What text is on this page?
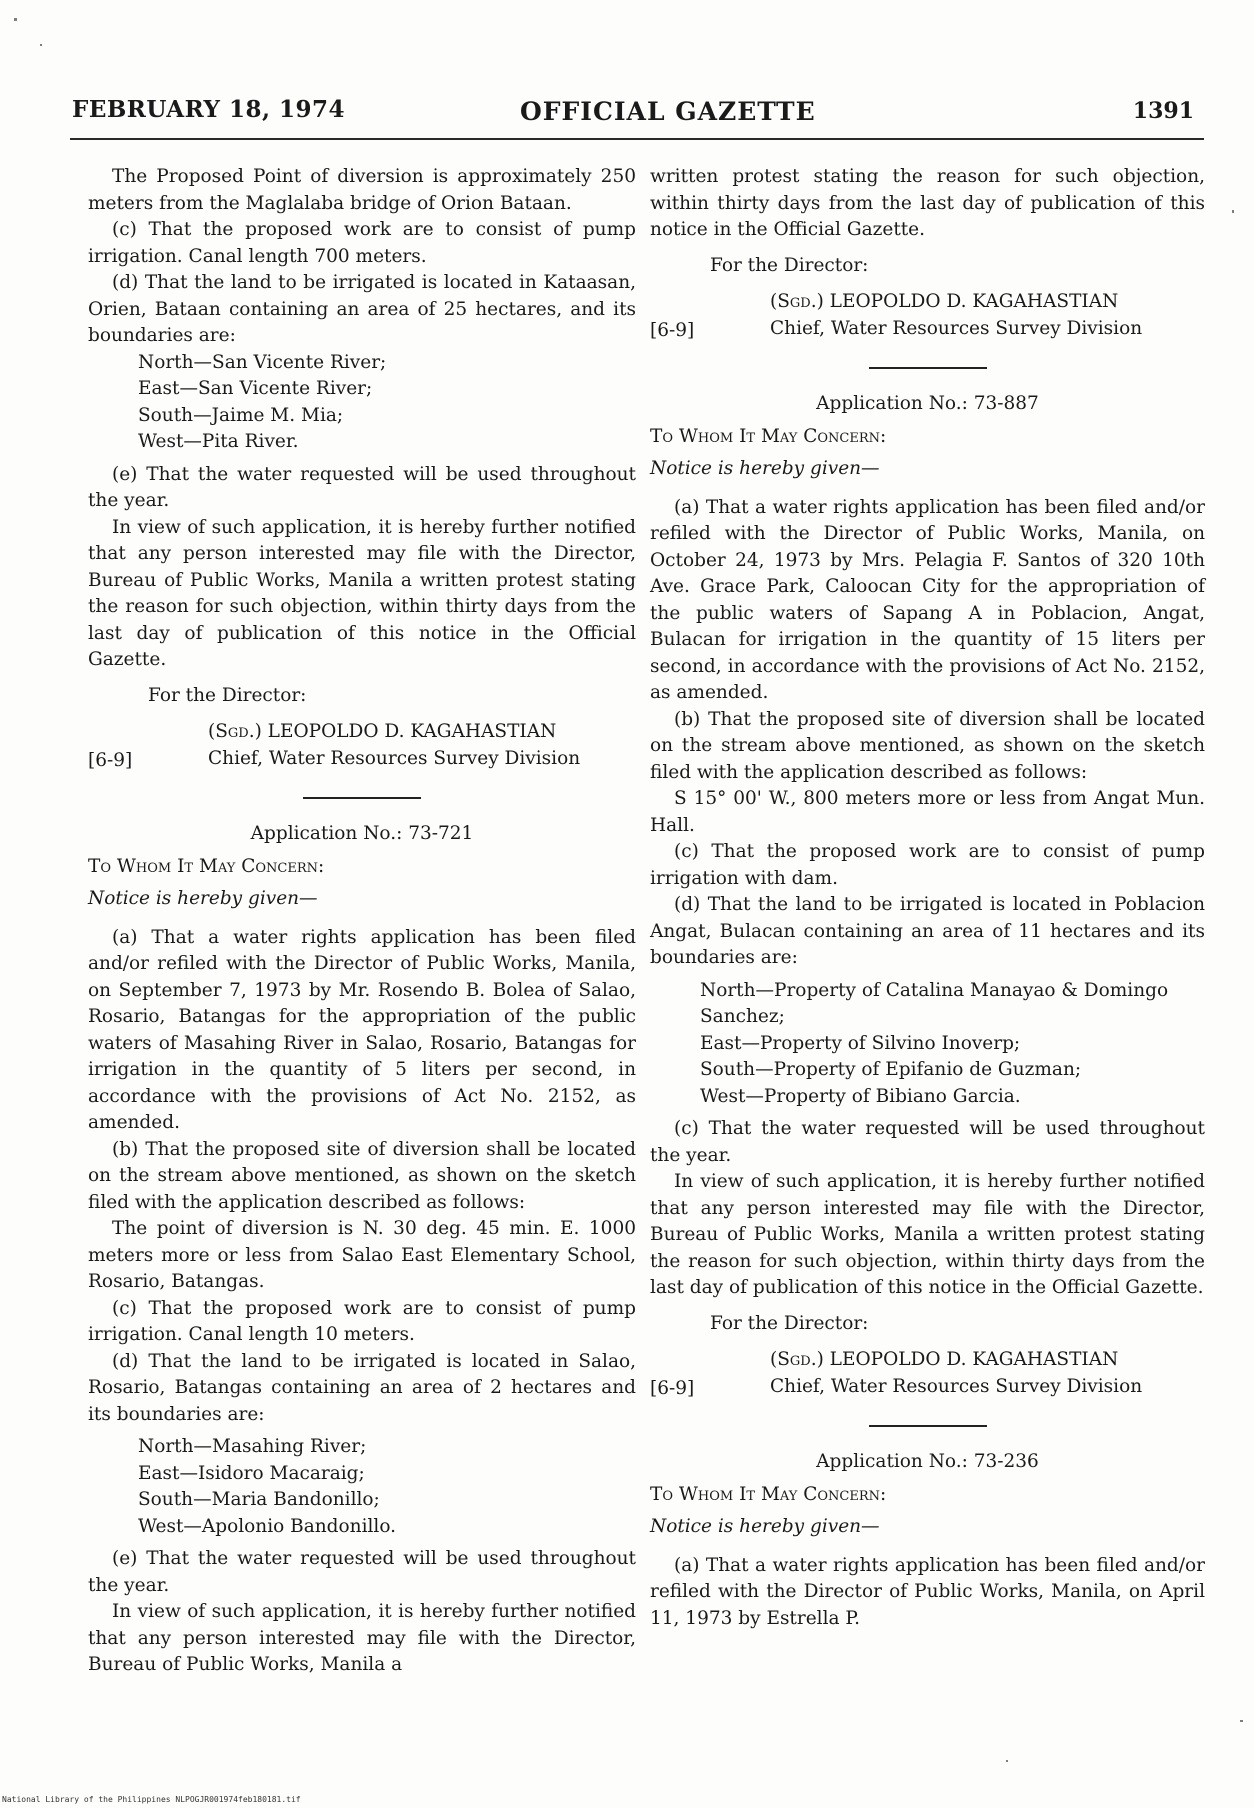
FEBRUARY 18, 1974	OFFICIAL GAZETTE	1391

The Proposed Point of diversion is approximately 250 meters from the Maglalaba bridge of Orion Bataan.

(c) That the proposed work are to consist of pump irrigation. Canal length 700 meters.

(d) That the land to be irrigated is located in Kataasan, Orien, Bataan containing an area of 25 hectares, and its boundaries are:

North—San Vicente River;

East—San Vicente River;

South—Jaime M. Mia;

West—Pita River.

(e) That the water requested will be used throughout the year.

In view of such application, it is hereby further notified that any person interested may file with the Director, Bureau of Public Works, Manila a written protest stating the reason for such objection, within thirty days from the last day of publication of this notice in the Official Gazette.

For the Director:

[6-9]
(Sgd.) LEOPOLDO D. KAGAHASTIAN
Chief, Water Resources Survey Division

Application No.: 73-721

To Whom It May Concern:

Notice is hereby given—

(a) That a water rights application has been filed and/or refiled with the Director of Public Works, Manila, on September 7, 1973 by Mr. Rosendo B. Bolea of Salao, Rosario, Batangas for the appropriation of the public waters of Masahing River in Salao, Rosario, Batangas for irrigation in the quantity of 5 liters per second, in accordance with the provisions of Act No. 2152, as amended.

(b) That the proposed site of diversion shall be located on the stream above mentioned, as shown on the sketch filed with the application described as follows:

The point of diversion is N. 30 deg. 45 min. E. 1000 meters more or less from Salao East Elementary School, Rosario, Batangas.

(c) That the proposed work are to consist of pump irrigation. Canal length 10 meters.

(d) That the land to be irrigated is located in Salao, Rosario, Batangas containing an area of 2 hectares and its boundaries are:

North—Masahing River;

East—Isidoro Macaraig;

South—Maria Bandonillo;

West—Apolonio Bandonillo.

(e) That the water requested will be used throughout the year.

In view of such application, it is hereby further notified that any person interested may file with the Director, Bureau of Public Works, Manila a

written protest stating the reason for such objection, within thirty days from the last day of publication of this notice in the Official Gazette.

For the Director:

[6-9]
(Sgd.) LEOPOLDO D. KAGAHASTIAN
Chief, Water Resources Survey Division

Application No.: 73-887

To Whom It May Concern:

Notice is hereby given—

(a) That a water rights application has been filed and/or refiled with the Director of Public Works, Manila, on October 24, 1973 by Mrs. Pelagia F. Santos of 320 10th Ave. Grace Park, Caloocan City for the appropriation of the public waters of Sapang A in Poblacion, Angat, Bulacan for irrigation in the quantity of 15 liters per second, in accordance with the provisions of Act No. 2152, as amended.

(b) That the proposed site of diversion shall be located on the stream above mentioned, as shown on the sketch filed with the application described as follows:

S 15° 00' W., 800 meters more or less from Angat Mun. Hall.

(c) That the proposed work are to consist of pump irrigation with dam.

(d) That the land to be irrigated is located in Poblacion Angat, Bulacan containing an area of 11 hectares and its boundaries are:

North—Property of Catalina Manayao & Domingo Sanchez;

East—Property of Silvino Inoverp;

South—Property of Epifanio de Guzman;

West—Property of Bibiano Garcia.

(c) That the water requested will be used throughout the year.

In view of such application, it is hereby further notified that any person interested may file with the Director, Bureau of Public Works, Manila a written protest stating the reason for such objection, within thirty days from the last day of publication of this notice in the Official Gazette.

For the Director:

[6-9]
(Sgd.) LEOPOLDO D. KAGAHASTIAN
Chief, Water Resources Survey Division

Application No.: 73-236

To Whom It May Concern:

Notice is hereby given—

(a) That a water rights application has been filed and/or refiled with the Director of Public Works, Manila, on April 11, 1973 by Estrella P.

National Library of the Philippines NLPOGJR001974feb180181.tif
